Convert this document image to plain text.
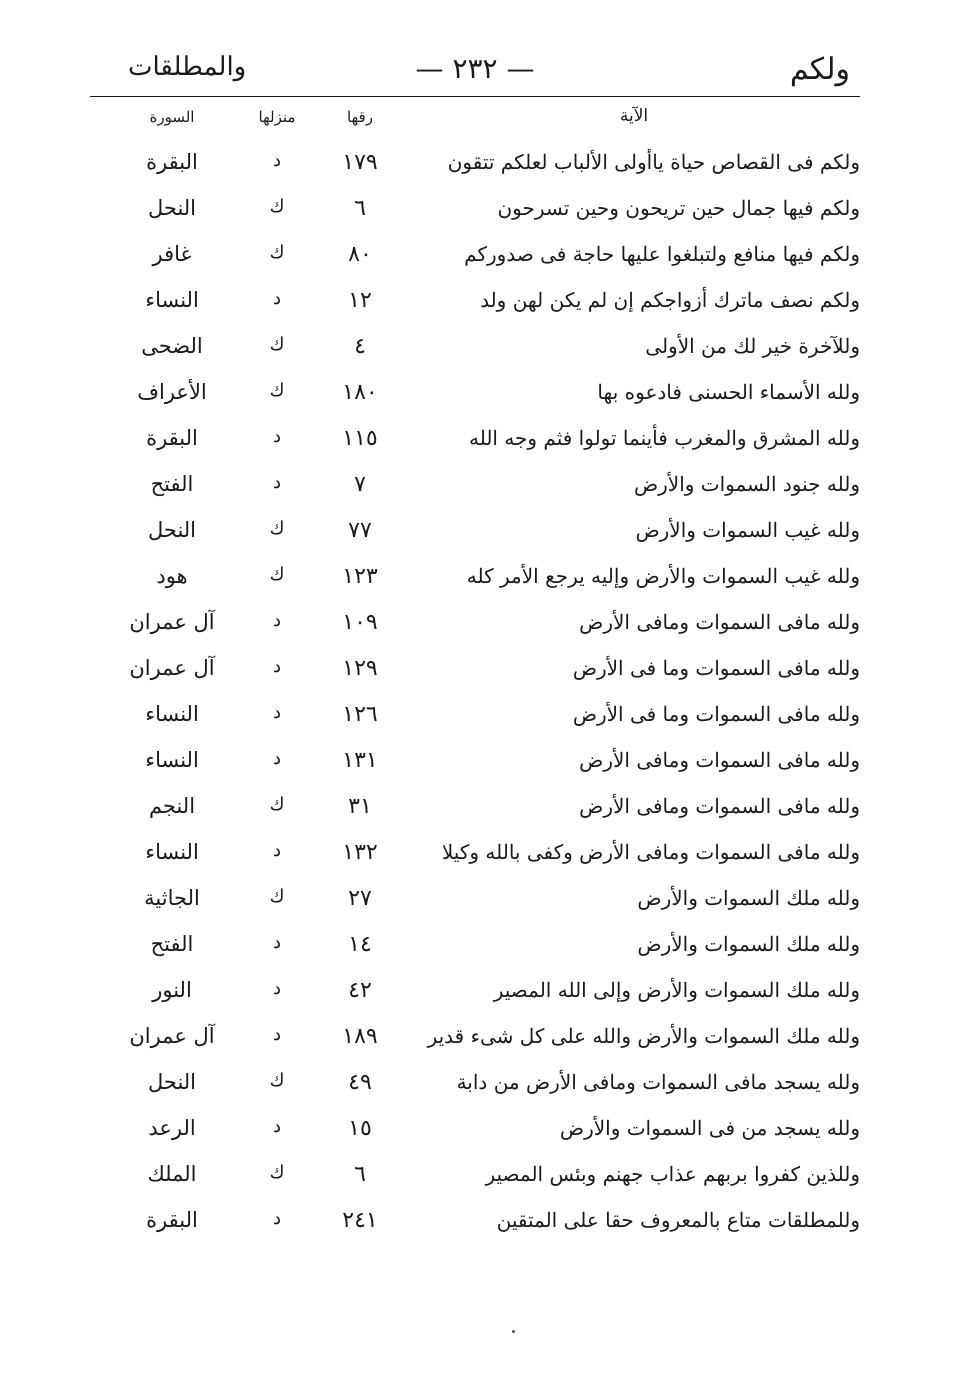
والمطلقات	— ٢٣٢ —	ولكم
الآية
رقها
منزلها
السورة
ولكم فى القصاص حياة ياأولى الألباب لعلكم تتقون
١٧٩
د
البقرة
ولكم فيها جمال حين تريحون وحين تسرحون
٦
ك
النحل
ولكم فيها منافع ولتبلغوا عليها حاجة فى صدوركم
٨٠
ك
غافر
ولكم نصف ماترك أزواجكم إن لم يكن لهن ولد
١٢
د
النساء
وللآخرة خير لك من الأولى
٤
ك
الضحى
ولله الأسماء الحسنى فادعوه بها
١٨٠
ك
الأعراف
ولله المشرق والمغرب فأينما تولوا فثم وجه الله
١١٥
د
البقرة
ولله جنود السموات والأرض
٧
د
الفتح
ولله غيب السموات والأرض
٧٧
ك
النحل
ولله غيب السموات والأرض وإليه يرجع الأمر كله
١٢٣
ك
هود
ولله مافى السموات ومافى الأرض
١٠٩
د
آل عمران
ولله مافى السموات وما فى الأرض
١٢٩
د
آل عمران
ولله مافى السموات وما فى الأرض
١٢٦
د
النساء
ولله مافى السموات ومافى الأرض
١٣١
د
النساء
ولله مافى السموات ومافى الأرض
٣١
ك
النجم
ولله مافى السموات ومافى الأرض وكفى بالله وكيلا
١٣٢
د
النساء
ولله ملك السموات والأرض
٢٧
ك
الجاثية
ولله ملك السموات والأرض
١٤
د
الفتح
ولله ملك السموات والأرض وإلى الله المصير
٤٢
د
النور
ولله ملك السموات والأرض والله على كل شىء قدير
١٨٩
د
آل عمران
ولله يسجد مافى السموات ومافى الأرض من دابة
٤٩
ك
النحل
ولله يسجد من فى السموات والأرض
١٥
د
الرعد
وللذين كفروا بربهم عذاب جهنم وبئس المصير
٦
ك
الملك
وللمطلقات متاع بالمعروف حقا على المتقين
٢٤١
د
البقرة
